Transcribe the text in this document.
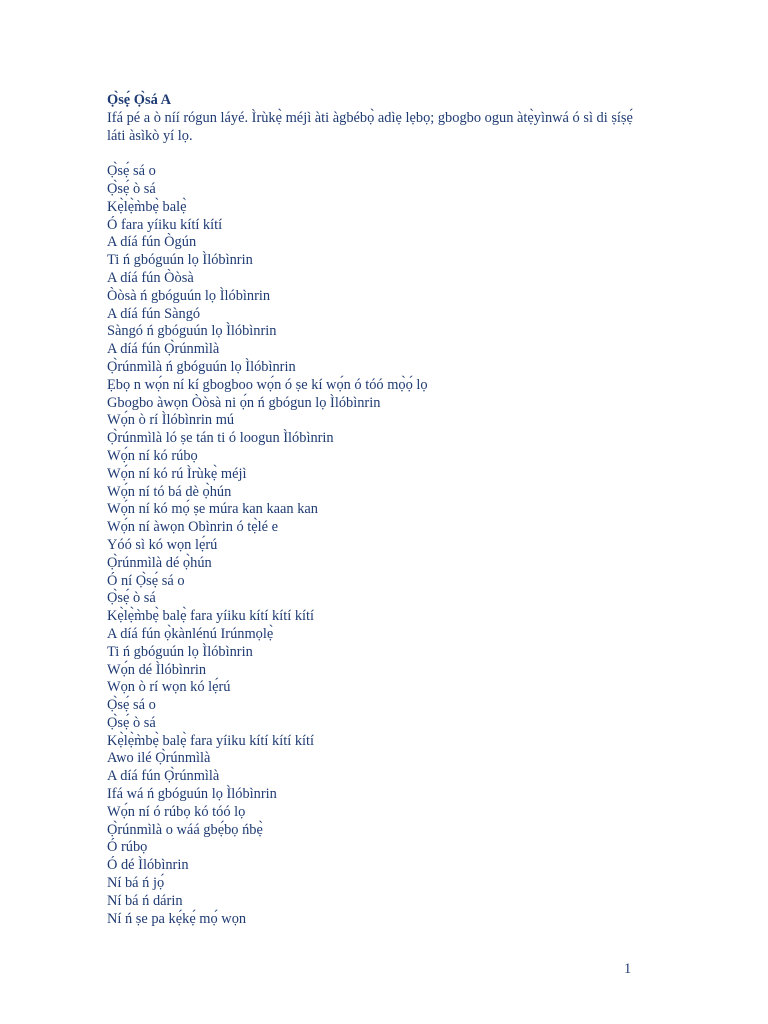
Ọ̀sẹ́ Ọ̀sá A

Ifá pé a ò níí rógun láyé. Ìrùkẹ̀ méjì àti àgbébọ̀ adìẹ lẹbọ; gbogbo ogun àtẹ̀yìnwá ó sì di ṣíṣẹ́ láti àsìkò yí lọ.

Ọ̀sẹ́ sá o
Ọ̀sẹ́ ò sá
Kẹ̀lẹ̀m̀bẹ̀ balẹ̀
Ó fara yíiku kítí kítí
A díá fún Ògún
Ti ń gbóguún lọ Ìlóbìnrin
A díá fún Òòsà
Òòsà ń gbóguún lọ Ìlóbìnrin
A díá fún Sàngó
Sàngó ń gbóguún lọ Ìlóbìnrin
A díá fún Ọ̀rúnmìlà
Ọ̀rúnmìlà ń gbóguún lọ Ìlóbìnrin
Ẹbọ n wọ́n ní kí gbogboo wọ́n ó ṣe kí wọ́n ó tóó mọ̀ọ́ lọ
Gbogbo àwọn Òòsà ni ọ́n ń gbógun lọ Ìlóbìnrin
Wọ́n ò rí Ìlóbìnrin mú
Ọ̀rúnmìlà ló ṣe tán ti ó loogun Ìlóbìnrin
Wọ́n ní kó rúbọ
Wọ́n ní kó rú Ìrùkẹ̀ méjì
Wọ́n ní tó bá dè ọ̀hún
Wọ́n ní kó mọ́ ṣe múra kan kaan kan
Wọ́n ní àwọn Obìnrin ó tẹ̀lé e
Yóó sì kó wọn lẹ́rú
Ọ̀rúnmìlà dé ọ̀hún
Ó ní Ọ̀sẹ́ sá o
Ọ̀sẹ́ ò sá
Kẹ̀lẹ̀m̀bẹ̀ balẹ̀ fara yíiku kítí kítí kítí
A díá fún ọ̀kànlénú Irúnmọlẹ̀
Ti ń gbóguún lọ Ìlóbìnrin
Wọ́n dé Ìlóbìnrin
Wọn ò rí wọn kó lẹ́rú
Ọ̀sẹ́ sá o
Ọ̀sẹ́ ò sá
Kẹ̀lẹ̀m̀bẹ̀ balẹ̀ fara yíiku kítí kítí kítí
Awo ilé Ọ̀rúnmìlà
A díá fún Ọ̀rúnmìlà
Ifá wá ń gbóguún lọ Ìlóbìnrin
Wọ́n ní ó rúbọ kó tóó lọ
Ọ̀rúnmìlà o wáá gbẹ́bọ ńbẹ̀
Ó rúbọ
Ó dé Ìlóbìnrin
Ní bá ń jọ́
Ní bá ń dárin
Ní ń ṣe pa kẹ́kẹ́ mọ́ wọn
1
